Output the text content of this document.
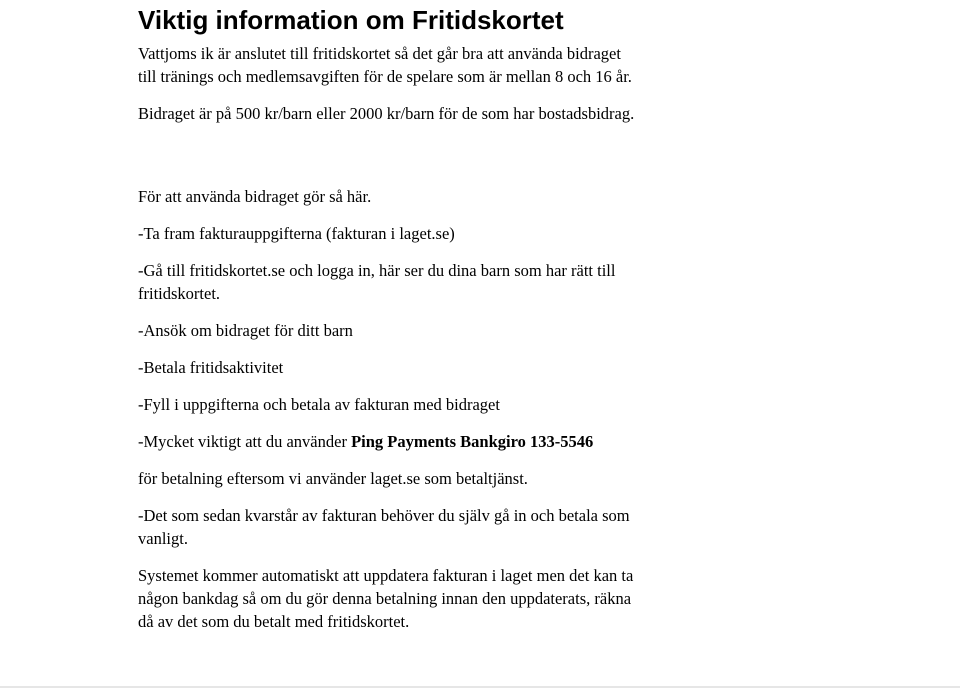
Viktig information om Fritidskortet

Vattjoms ik är anslutet till fritidskortet så det går bra att använda bidraget till tränings och medlemsavgiften för de spelare som är mellan 8 och 16 år.

Bidraget är på 500 kr/barn eller 2000 kr/barn för de som har bostadsbidrag.

För att använda bidraget gör så här.

-Ta fram fakturauppgifterna (fakturan i laget.se)

-Gå till fritidskortet.se och logga in, här ser du dina barn som har rätt till fritidskortet.

-Ansök om bidraget för ditt barn

-Betala fritidsaktivitet

-Fyll i uppgifterna och betala av fakturan med bidraget

-Mycket viktigt att du använder Ping Payments Bankgiro 133-5546

för betalning eftersom vi använder laget.se som betaltjänst.

-Det som sedan kvarstår av fakturan behöver du själv gå in och betala som vanligt.

Systemet kommer automatiskt att uppdatera fakturan i laget men det kan ta någon bankdag så om du gör denna betalning innan den uppdaterats, räkna då av det som du betalt med fritidskortet.
